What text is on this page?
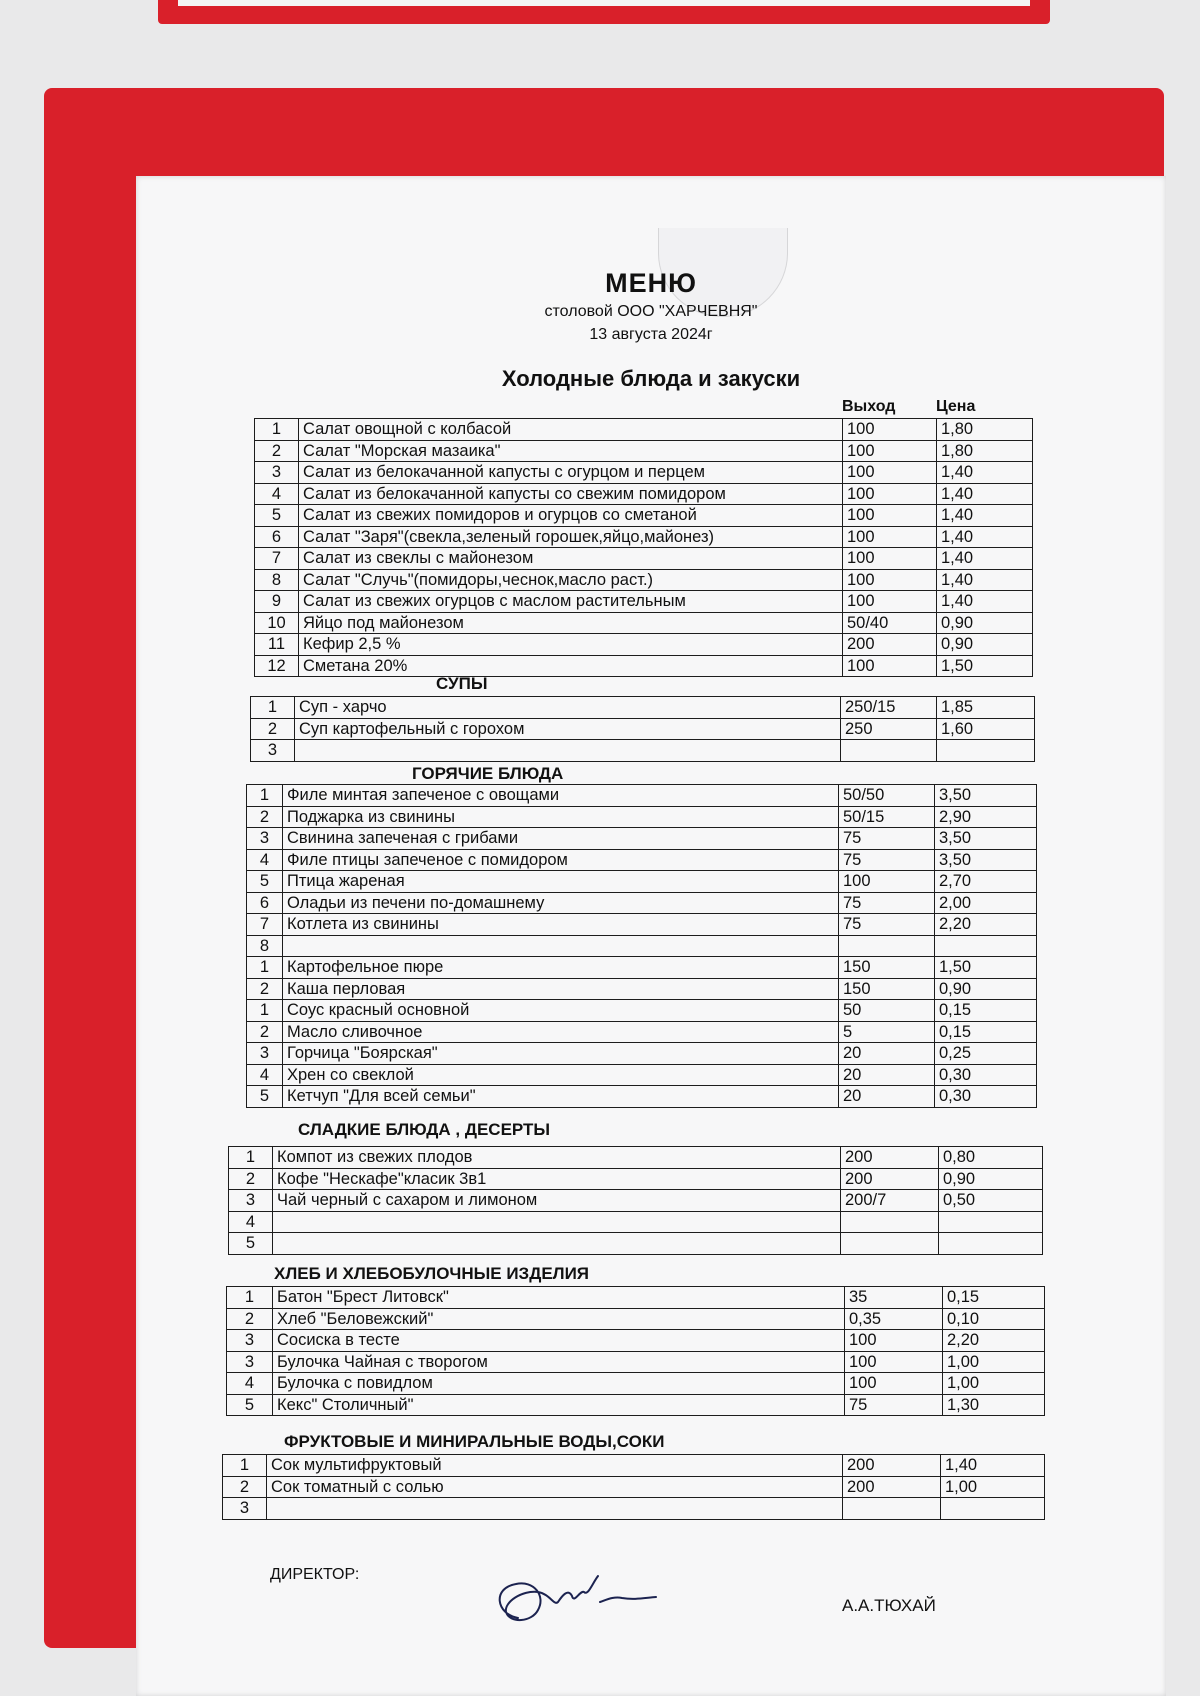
МЕНЮ
столовой ООО "ХАРЧЕВНЯ"
13 августа 2024г
Холодные блюда и закуски
Выход	Цена
1	Салат овощной с колбасой	100	1,80
2	Салат "Морская мазаика"	100	1,80
3	Салат из белокачанной капусты с огурцом и перцем	100	1,40
4	Салат из белокачанной капусты со свежим помидором	100	1,40
5	Салат из свежих помидоров и огурцов со сметаной	100	1,40
6	Салат "Заря"(свекла,зеленый горошек,яйцо,майонез)	100	1,40
7	Салат из свеклы с майонезом	100	1,40
8	Салат "Случь"(помидоры,чеснок,масло раст.)	100	1,40
9	Салат из свежих огурцов с маслом растительным	100	1,40
10	Яйцо под майонезом	50/40	0,90
11	Кефир 2,5 %	200	0,90
12	Сметана 20%	100	1,50
СУПЫ
1	Суп - харчо	250/15	1,85
2	Суп картофельный с горохом	250	1,60
3			
ГОРЯЧИЕ БЛЮДА
1	Филе минтая запеченое с овощами	50/50	3,50
2	Поджарка из свинины	50/15	2,90
3	Свинина запеченая с грибами	75	3,50
4	Филе птицы запеченое с помидором	75	3,50
5	Птица жареная	100	2,70
6	Оладьи из печени по-домашнему	75	2,00
7	Котлета из свинины	75	2,20
8			
1	Картофельное пюре	150	1,50
2	Каша перловая	150	0,90
1	Соус красный основной	50	0,15
2	Масло сливочное	5	0,15
3	Горчица "Боярская"	20	0,25
4	Хрен со свеклой	20	0,30
5	Кетчуп "Для всей семьи"	20	0,30
СЛАДКИЕ БЛЮДА , ДЕСЕРТЫ
1	Компот из свежих плодов	200	0,80
2	Кофе "Нескафе"класик 3в1	200	0,90
3	Чай черный с сахаром и лимоном	200/7	0,50
4			
5			
ХЛЕБ И ХЛЕБОБУЛОЧНЫЕ ИЗДЕЛИЯ
1	Батон "Брест Литовск"	35	0,15
2	Хлеб "Беловежский"	0,35	0,10
3	Сосиска в тесте	100	2,20
3	Булочка Чайная с творогом	100	1,00
4	Булочка с повидлом	100	1,00
5	Кекс" Столичный"	75	1,30
ФРУКТОВЫЕ И МИНИРАЛЬНЫЕ ВОДЫ,СОКИ
1	Сок мультифруктовый	200	1,40
2	Сок томатный с солью	200	1,00
3			
ДИРЕКТОР:
А.А.ТЮХАЙ
